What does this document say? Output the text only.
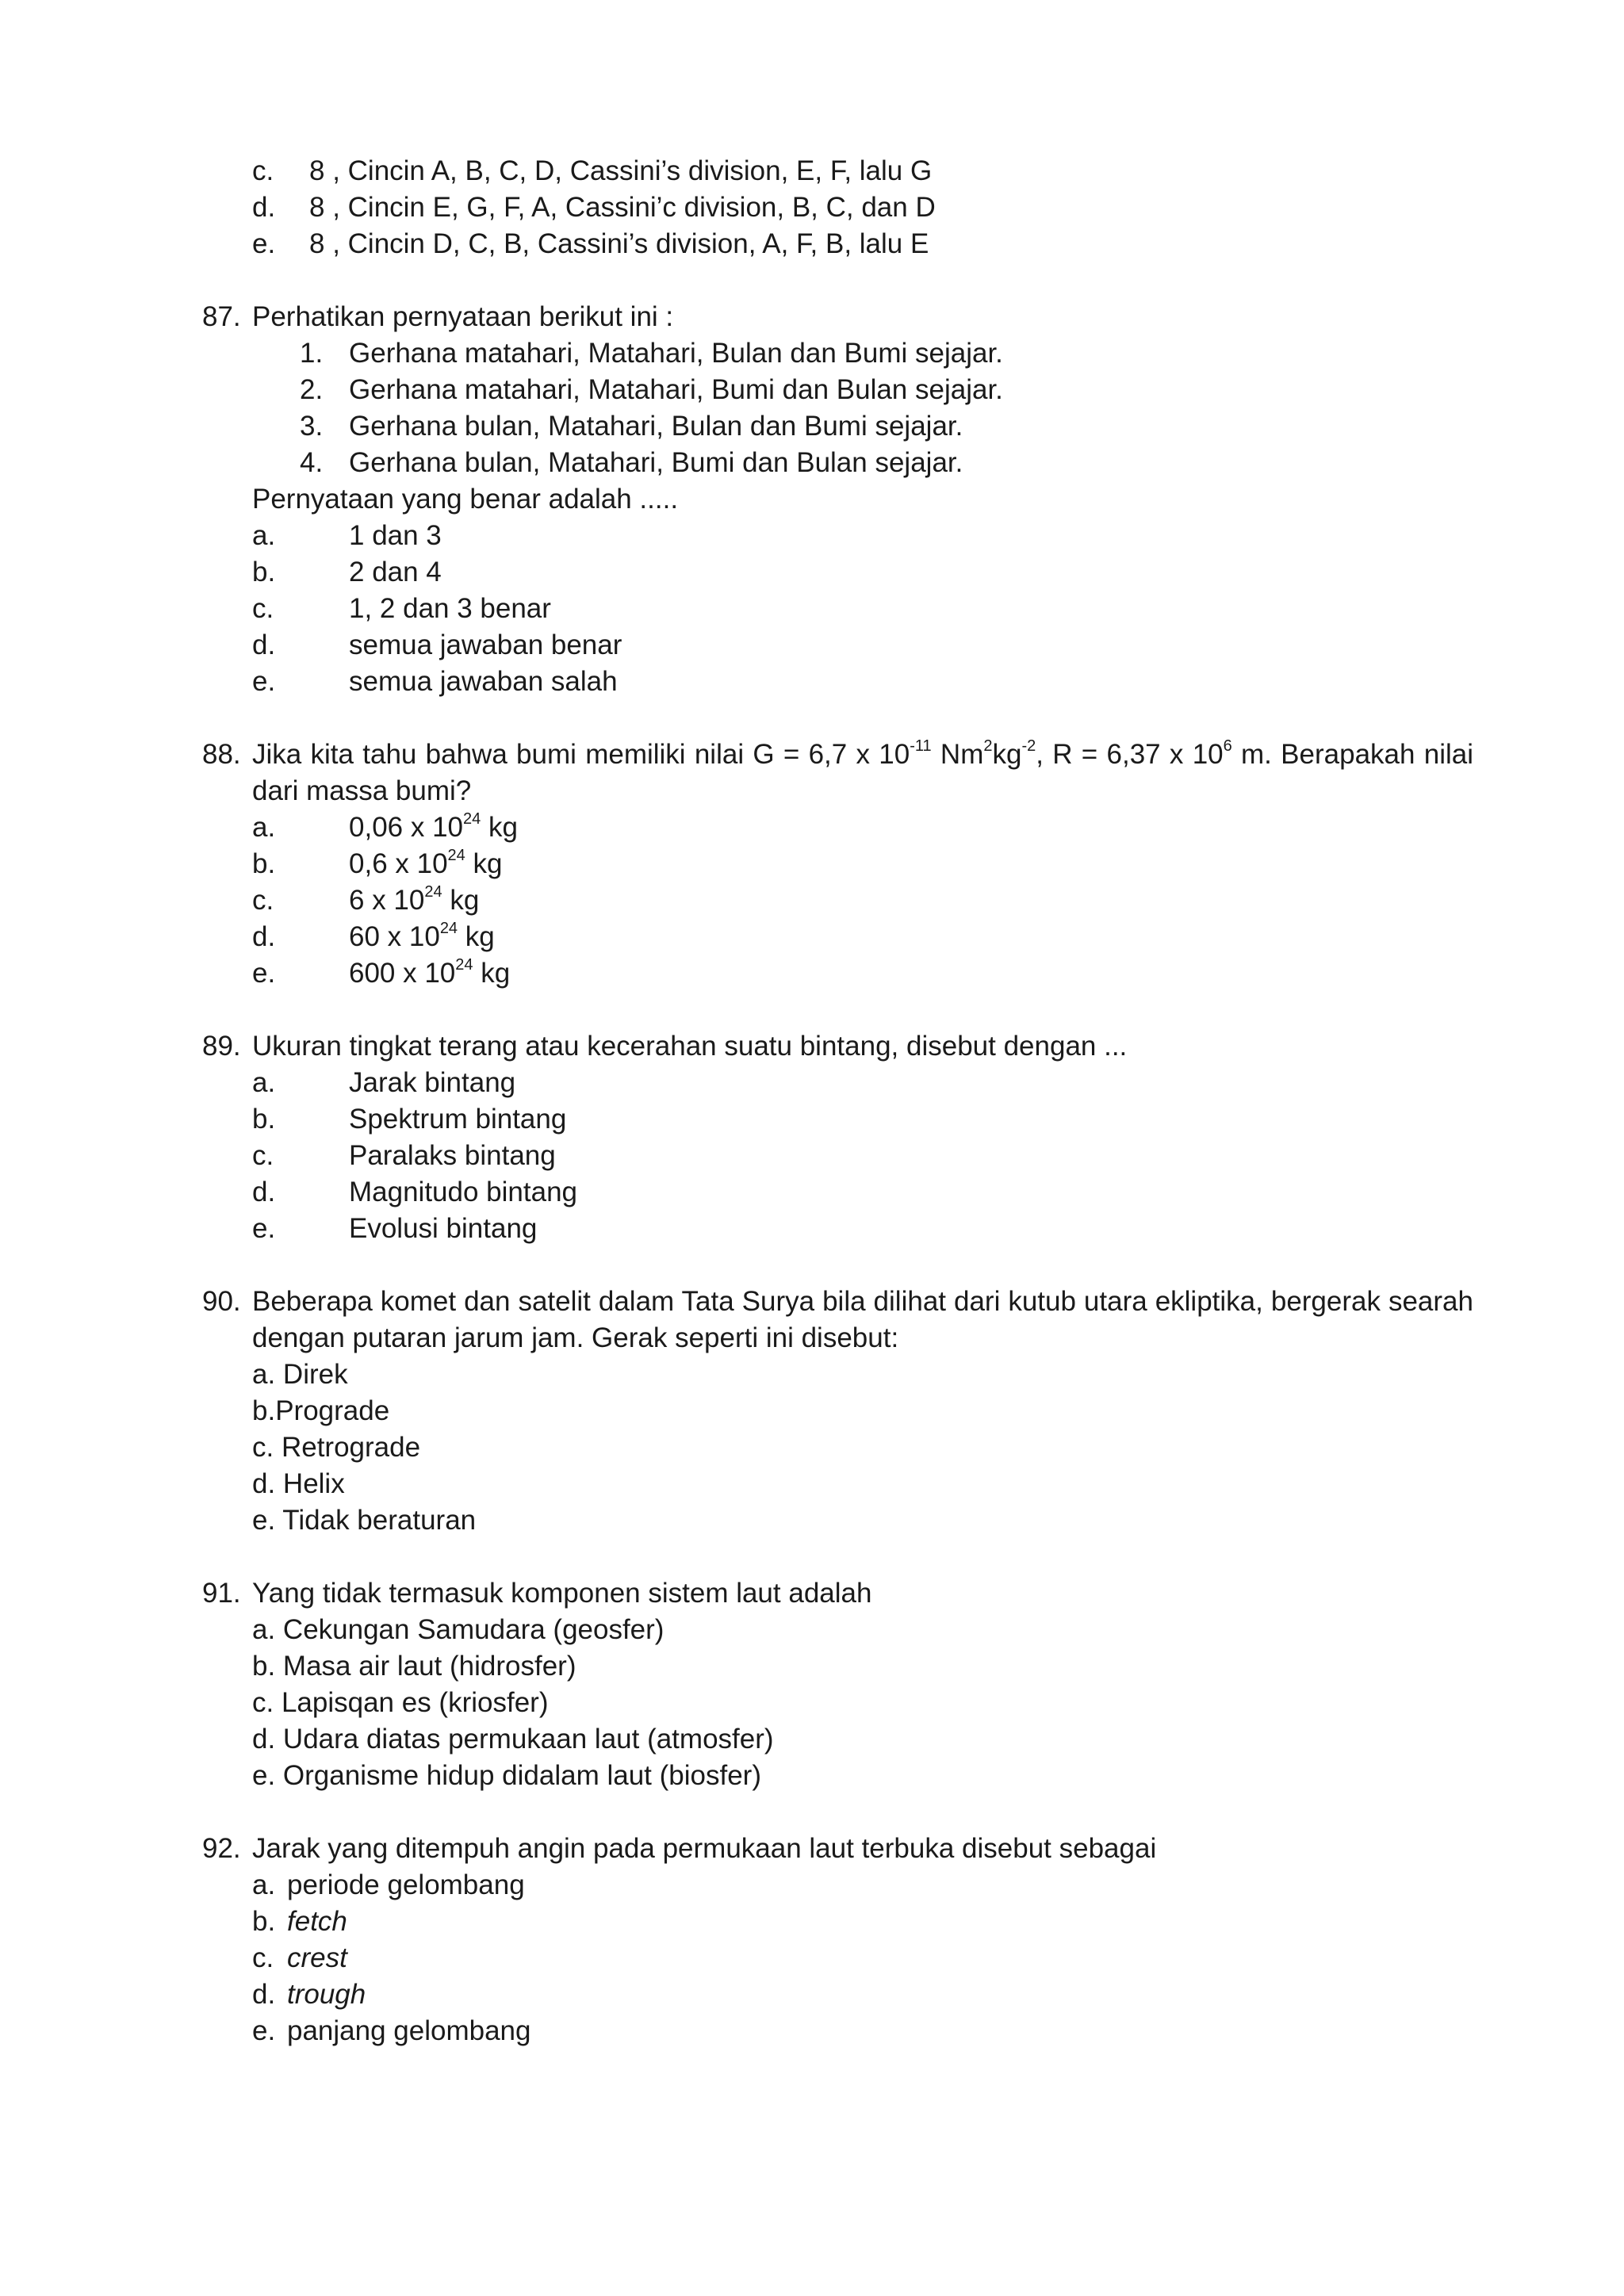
c. 8 , Cincin A, B, C, D, Cassini’s division, E, F, lalu G
d. 8 , Cincin E, G, F, A, Cassini’c division, B, C, dan D
e. 8 , Cincin D, C, B, Cassini’s division, A, F, B, lalu E
87. Perhatikan pernyataan berikut ini :
1. Gerhana matahari, Matahari, Bulan dan Bumi sejajar.
2. Gerhana matahari, Matahari, Bumi dan Bulan sejajar.
3. Gerhana bulan, Matahari, Bulan dan Bumi sejajar.
4. Gerhana bulan, Matahari, Bumi dan Bulan sejajar.
Pernyataan yang benar adalah .....
a.	1 dan 3
b.	2 dan 4
c.	1, 2 dan 3 benar
d.	semua jawaban benar
e.	semua jawaban salah
88. Jika kita tahu bahwa bumi memiliki nilai G = 6,7 x $10^{-11}$ $Nm^2kg^{-2}$, R = 6,37 x $10^6$ m. Berapakah nilai
dari massa bumi?
a.	0,06 x $10^{24}$ kg
b.	0,6 x $10^{24}$ kg
c.	6 x $10^{24}$ kg
d.	60 x $10^{24}$ kg
e.	600 x $10^{24}$ kg
89. Ukuran tingkat terang atau kecerahan suatu bintang, disebut dengan ...
a.	Jarak bintang
b.	Spektrum bintang
c.	Paralaks bintang
d.	Magnitudo bintang
e.	Evolusi bintang
90. Beberapa komet dan satelit dalam Tata Surya bila dilihat dari kutub utara ekliptika, bergerak searah
dengan putaran jarum jam. Gerak seperti ini disebut:
a. Direk
b.Prograde
c. Retrograde
d. Helix
e. Tidak beraturan
91. Yang tidak termasuk komponen sistem laut adalah
a. Cekungan Samudara (geosfer)
b. Masa air laut (hidrosfer)
c. Lapisqan es (kriosfer)
d. Udara diatas permukaan laut (atmosfer)
e. Organisme hidup didalam laut (biosfer)
92. Jarak yang ditempuh angin pada permukaan laut terbuka disebut sebagai
a. periode gelombang
b. fetch
c. crest
d. trough
e. panjang gelombang
